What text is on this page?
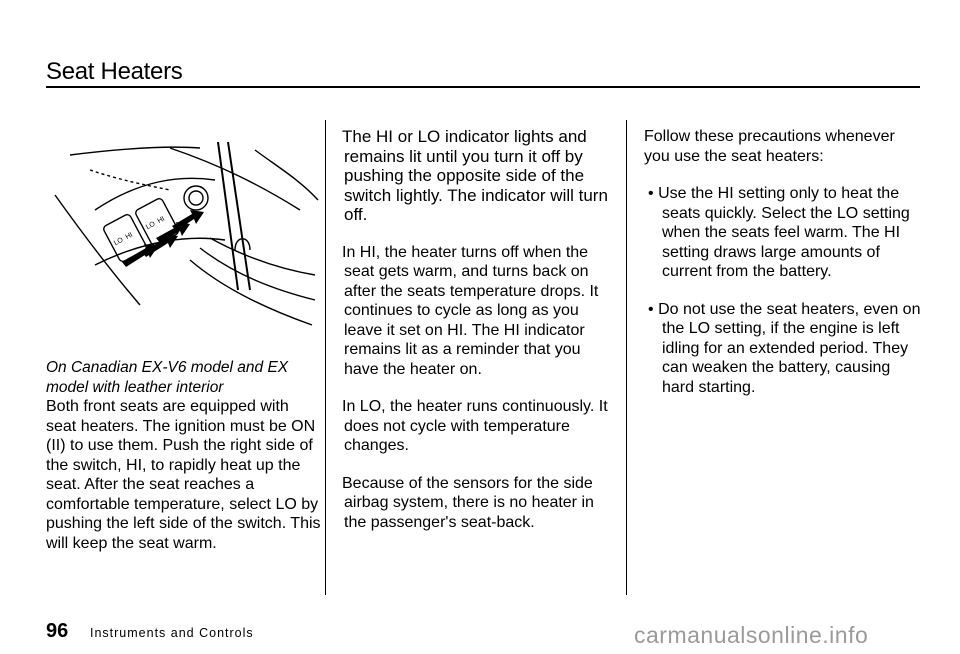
Seat Heaters
LO
HI
LO
HI
On Canadian EX-V6 model and EX model with leather interior

Both front seats are equipped with seat heaters. The ignition must be ON (II) to use them. Push the right side of the switch, HI, to rapidly heat up the seat. After the seat reaches a comfortable temperature, select LO by pushing the left side of the switch. This will keep the seat warm.

The HI or LO indicator lights and remains lit until you turn it off by pushing the opposite side of the switch lightly. The indicator will turn off.

In HI, the heater turns off when the seat gets warm, and turns back on after the seats temperature drops. It continues to cycle as long as you leave it set on HI. The HI indicator remains lit as a reminder that you have the heater on.

In LO, the heater runs continuously. It does not cycle with temperature changes.

Because of the sensors for the side airbag system, there is no heater in the passenger's seat-back.

Follow these precautions whenever you use the seat heaters:

• Use the HI setting only to heat the seats quickly. Select the LO setting when the seats feel warm. The HI setting draws large amounts of current from the battery.

• Do not use the seat heaters, even on the LO setting, if the engine is left idling for an extended period. They can weaken the battery, causing hard starting.

96 Instruments and Controls	carmanualsonline.info
